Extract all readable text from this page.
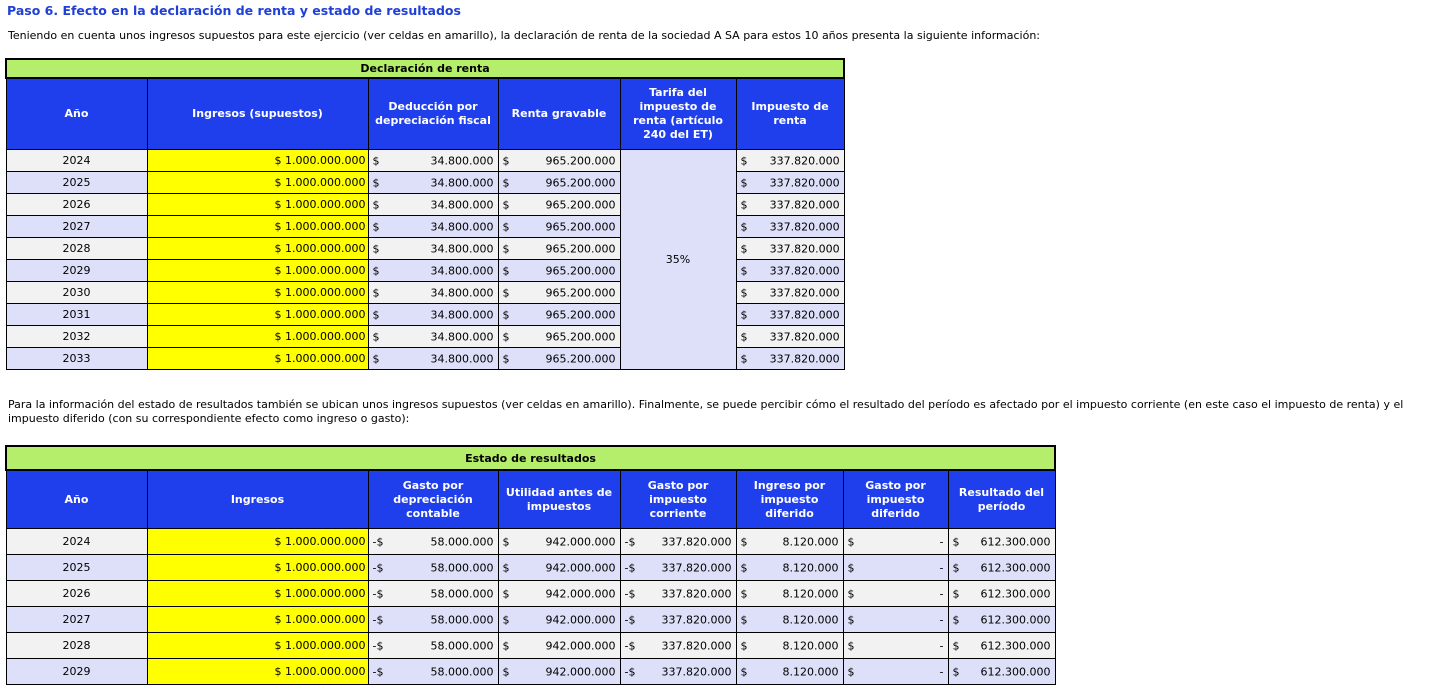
Paso 6. Efecto en la declaración de renta y estado de resultados
Teniendo en cuenta unos ingresos supuestos para este ejercicio (ver celdas en amarillo), la declaración de renta de la sociedad A SA para estos 10 años presenta la siguiente información:
Declaración de renta					
Año	Ingresos (supuestos)	Deducción por depreciación fiscal	Renta gravable	Tarifa del impuesto de renta (artículo 240 del ET)	Impuesto de renta
2024	$ 1.000.000.000	$ 34.800.000	$ 965.200.000	35%	$ 337.820.000

2025	$ 1.000.000.000	$ 34.800.000	$ 965.200.000		$ 337.820.000

2026	$ 1.000.000.000	$ 34.800.000	$ 965.200.000		$ 337.820.000

2027	$ 1.000.000.000	$ 34.800.000	$ 965.200.000		$ 337.820.000

2028	$ 1.000.000.000	$ 34.800.000	$ 965.200.000		$ 337.820.000

2029	$ 1.000.000.000	$ 34.800.000	$ 965.200.000		$ 337.820.000

2030	$ 1.000.000.000	$ 34.800.000	$ 965.200.000		$ 337.820.000

2031	$ 1.000.000.000	$ 34.800.000	$ 965.200.000		$ 337.820.000

2032	$ 1.000.000.000	$ 34.800.000	$ 965.200.000		$ 337.820.000

2033	$ 1.000.000.000	$ 34.800.000	$ 965.200.000		$ 337.820.000
Para la información del estado de resultados también se ubican unos ingresos supuestos (ver celdas en amarillo). Finalmente, se puede percibir cómo el resultado del período es afectado por el impuesto corriente (en este caso el impuesto de renta) y el impuesto diferido (con su correspondiente efecto como ingreso o gasto):
Estado de resultados							
Año	Ingresos	Gasto por depreciación contable	Utilidad antes de impuestos	Gasto por impuesto corriente	Ingreso por impuesto diferido	Gasto por impuesto diferido	Resultado del período
2024	$ 1.000.000.000	-$ 58.000.000	$ 942.000.000	-$ 337.820.000	$ 8.120.000	$ -	$ 612.300.000

2025	$ 1.000.000.000	-$ 58.000.000	$ 942.000.000	-$ 337.820.000	$ 8.120.000	$ -	$ 612.300.000

2026	$ 1.000.000.000	-$ 58.000.000	$ 942.000.000	-$ 337.820.000	$ 8.120.000	$ -	$ 612.300.000

2027	$ 1.000.000.000	-$ 58.000.000	$ 942.000.000	-$ 337.820.000	$ 8.120.000	$ -	$ 612.300.000

2028	$ 1.000.000.000	-$ 58.000.000	$ 942.000.000	-$ 337.820.000	$ 8.120.000	$ -	$ 612.300.000

2029	$ 1.000.000.000	-$ 58.000.000	$ 942.000.000	-$ 337.820.000	$ 8.120.000	$ -	$ 612.300.000
